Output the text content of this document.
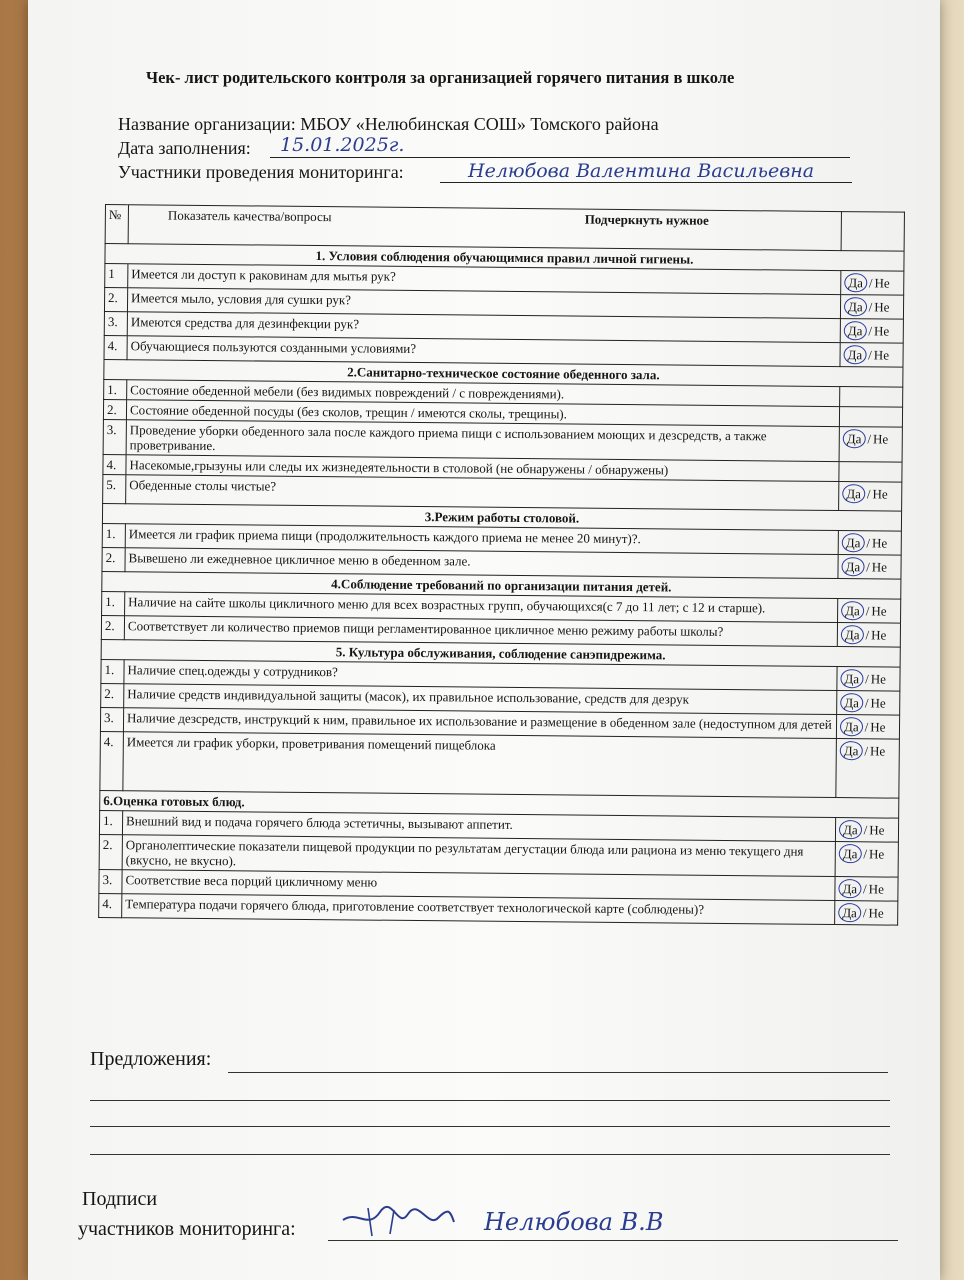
Чек- лист родительского контроля за организацией горячего питания в школе
Название организации: МБОУ «Нелюбинская СОШ» Томского района
Дата заполнения: 15.01.2025г.
Участники проведения мониторинга:	Нелюбова Валентина Васильевна
№	Показатель качества/вопросы Подчеркнуть нужное	
1. Условия соблюдения обучающимися правил личной гигиены.		
1	Имеется ли доступ к раковинам для мытья рук?	Да / Не
2.	Имеется мыло, условия для сушки рук?	Да / Не
3.	Имеются средства для дезинфекции рук?	Да / Не
4.	Обучающиеся пользуются созданными условиями?	Да / Не
2.Санитарно-техническое состояние обеденного зала.		
1.	Состояние обеденной мебели (без видимых повреждений / с повреждениями).	
2.	Состояние обеденной посуды (без сколов, трещин / имеются сколы, трещины).	
3.	Проведение уборки обеденного зала после каждого приема пищи с использованием моющих и дезсредств, а также проветривание.	Да / Не
4.	Насекомые,грызуны или следы их жизнедеятельности в столовой (не обнаружены / обнаружены)	
5.	Обеденные столы чистые?	Да / Не
3.Режим работы столовой.		
1.	Имеется ли график приема пищи (продолжительность каждого приема не менее 20 минут)?.	Да / Не
2.	Вывешено ли ежедневное цикличное меню в обеденном зале.	Да / Не
4.Соблюдение требований по организации питания детей.		
1.	Наличие на сайте школы цикличного меню для всех возрастных групп, обучающихся(с 7 до 11 лет; с 12 и старше).	Да / Не
2.	Соответствует ли количество приемов пищи регламентированное цикличное меню режиму работы школы?	Да / Не
5. Культура обслуживания, соблюдение санэпидрежима.		
1.	Наличие спец.одежды у сотрудников?	Да / Не
2.	Наличие средств индивидуальной защиты (масок), их правильное использование, средств для дезрук	Да / Не
3.	Наличие дезсредств, инструкций к ним, правильное их использование и размещение в обеденном зале (недоступном для детей	Да / Не
4.	Имеется ли график уборки, проветривания помещений пищеблока	Да / Не
6.Оценка готовых блюд.		
1.	Внешний вид и подача горячего блюда эстетичны, вызывают аппетит.	Да / Не
2.	Органолептические показатели пищевой продукции по результатам дегустации блюда или рациона из меню текущего дня (вкусно, не вкусно).	Да / Не
3.	Соответствие веса порций цикличному меню	Да / Не
4.	Температура подачи горячего блюда, приготовление соответствует технологической карте (соблюдены)?	Да / Не
Предложения:
Подписи
участников мониторинга:	Нелюбова В.В
